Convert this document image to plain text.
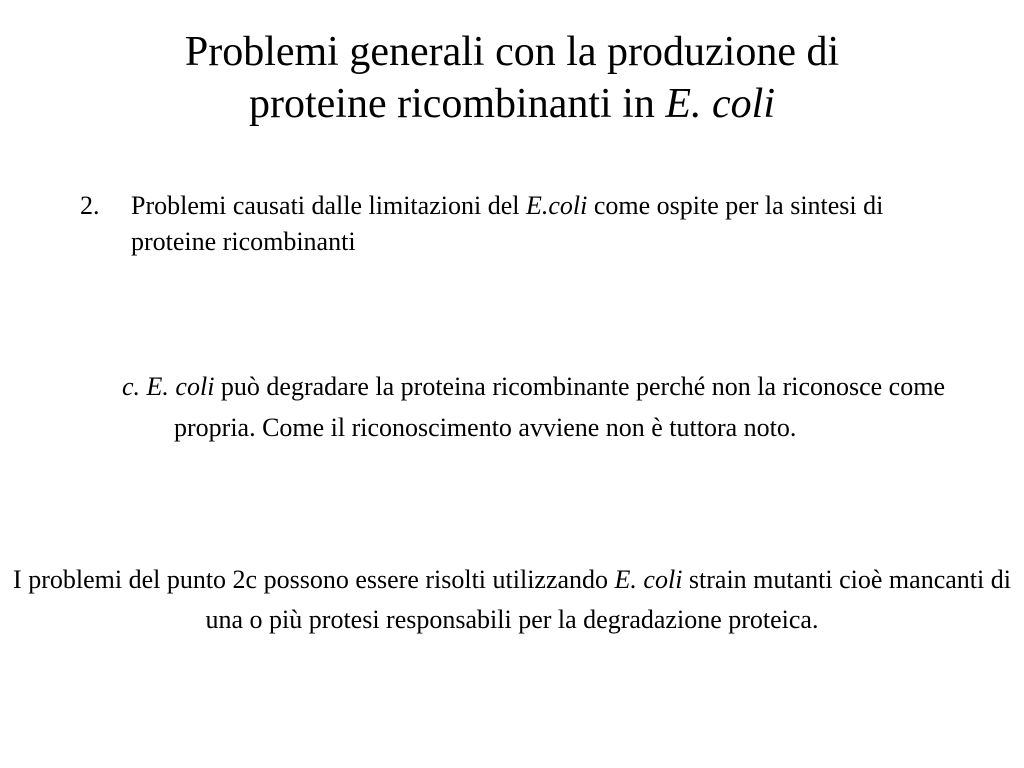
Problemi generali con la produzione di
proteine ricombinanti in E. coli
2. Problemi causati dalle limitazioni del E.coli come ospite per la sintesi di proteine ricombinanti
c. E. coli può degradare la proteina ricombinante perché non la riconosce come propria. Come il riconoscimento avviene non è tuttora noto.
I problemi del punto 2c possono essere risolti utilizzando E. coli strain mutanti cioè mancanti di una o più protesi responsabili per la degradazione proteica.
